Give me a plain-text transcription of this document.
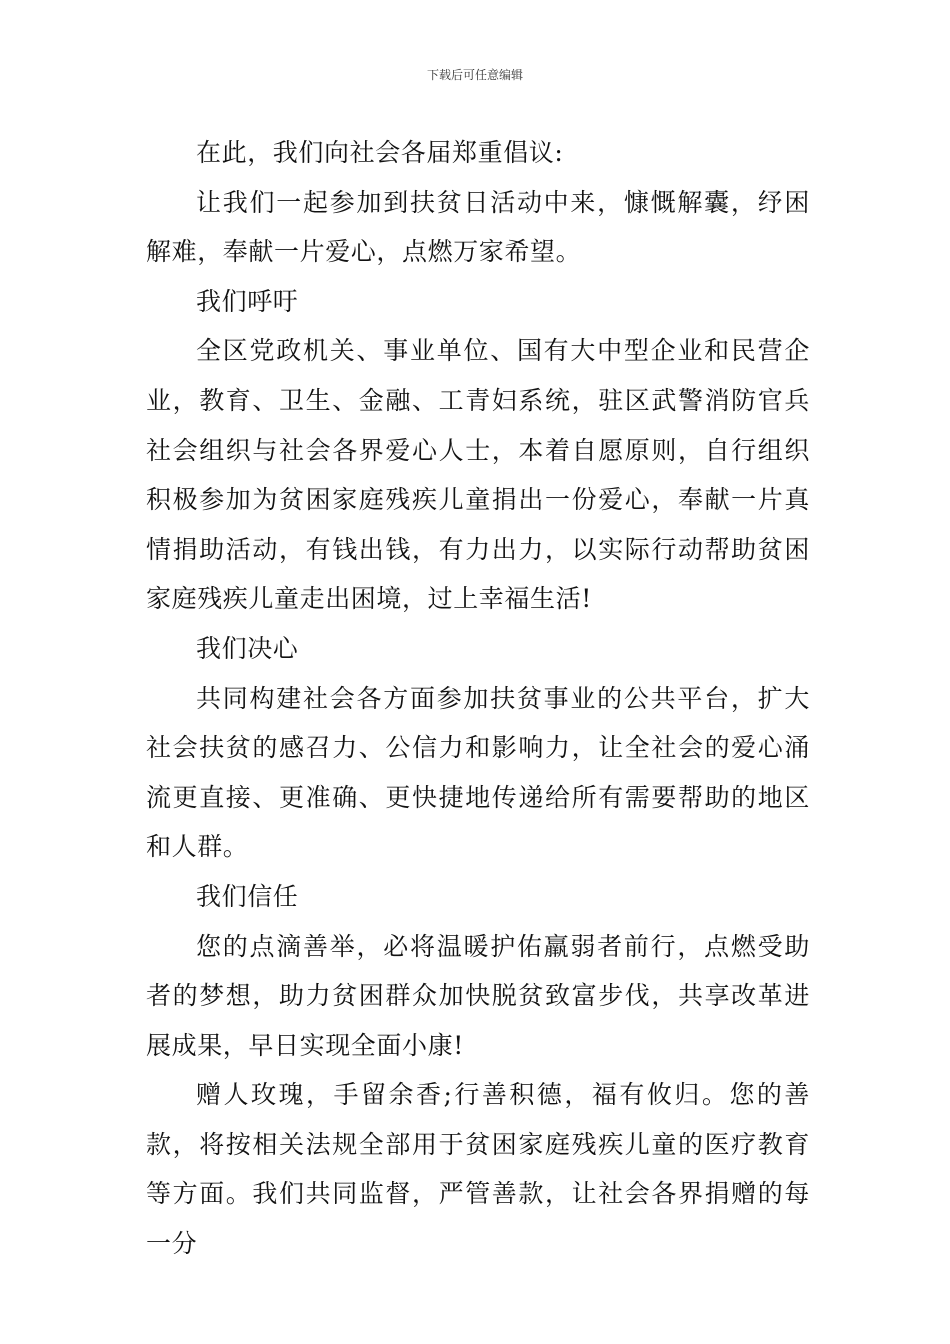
下载后可任意编辑

在此，我们向社会各届郑重倡议:

让我们一起参加到扶贫日活动中来，慷慨解囊，纾困解难，奉献一片爱心，点燃万家希望。

我们呼吁

全区党政机关、事业单位、国有大中型企业和民营企业，教育、卫生、金融、工青妇系统，驻区武警消防官兵社会组织与社会各界爱心人士，本着自愿原则，自行组织积极参加为贫困家庭残疾儿童捐出一份爱心，奉献一片真情捐助活动，有钱出钱，有力出力，以实际行动帮助贫困家庭残疾儿童走出困境，过上幸福生活!

我们决心

共同构建社会各方面参加扶贫事业的公共平台，扩大社会扶贫的感召力、公信力和影响力，让全社会的爱心涌流更直接、更准确、更快捷地传递给所有需要帮助的地区和人群。

我们信任

您的点滴善举，必将温暖护佑羸弱者前行，点燃受助者的梦想，助力贫困群众加快脱贫致富步伐，共享改革进展成果，早日实现全面小康!

赠人玫瑰，手留余香;行善积德，福有攸归。您的善款，将按相关法规全部用于贫困家庭残疾儿童的医疗教育等方面。我们共同监督，严管善款，让社会各界捐赠的每一分
